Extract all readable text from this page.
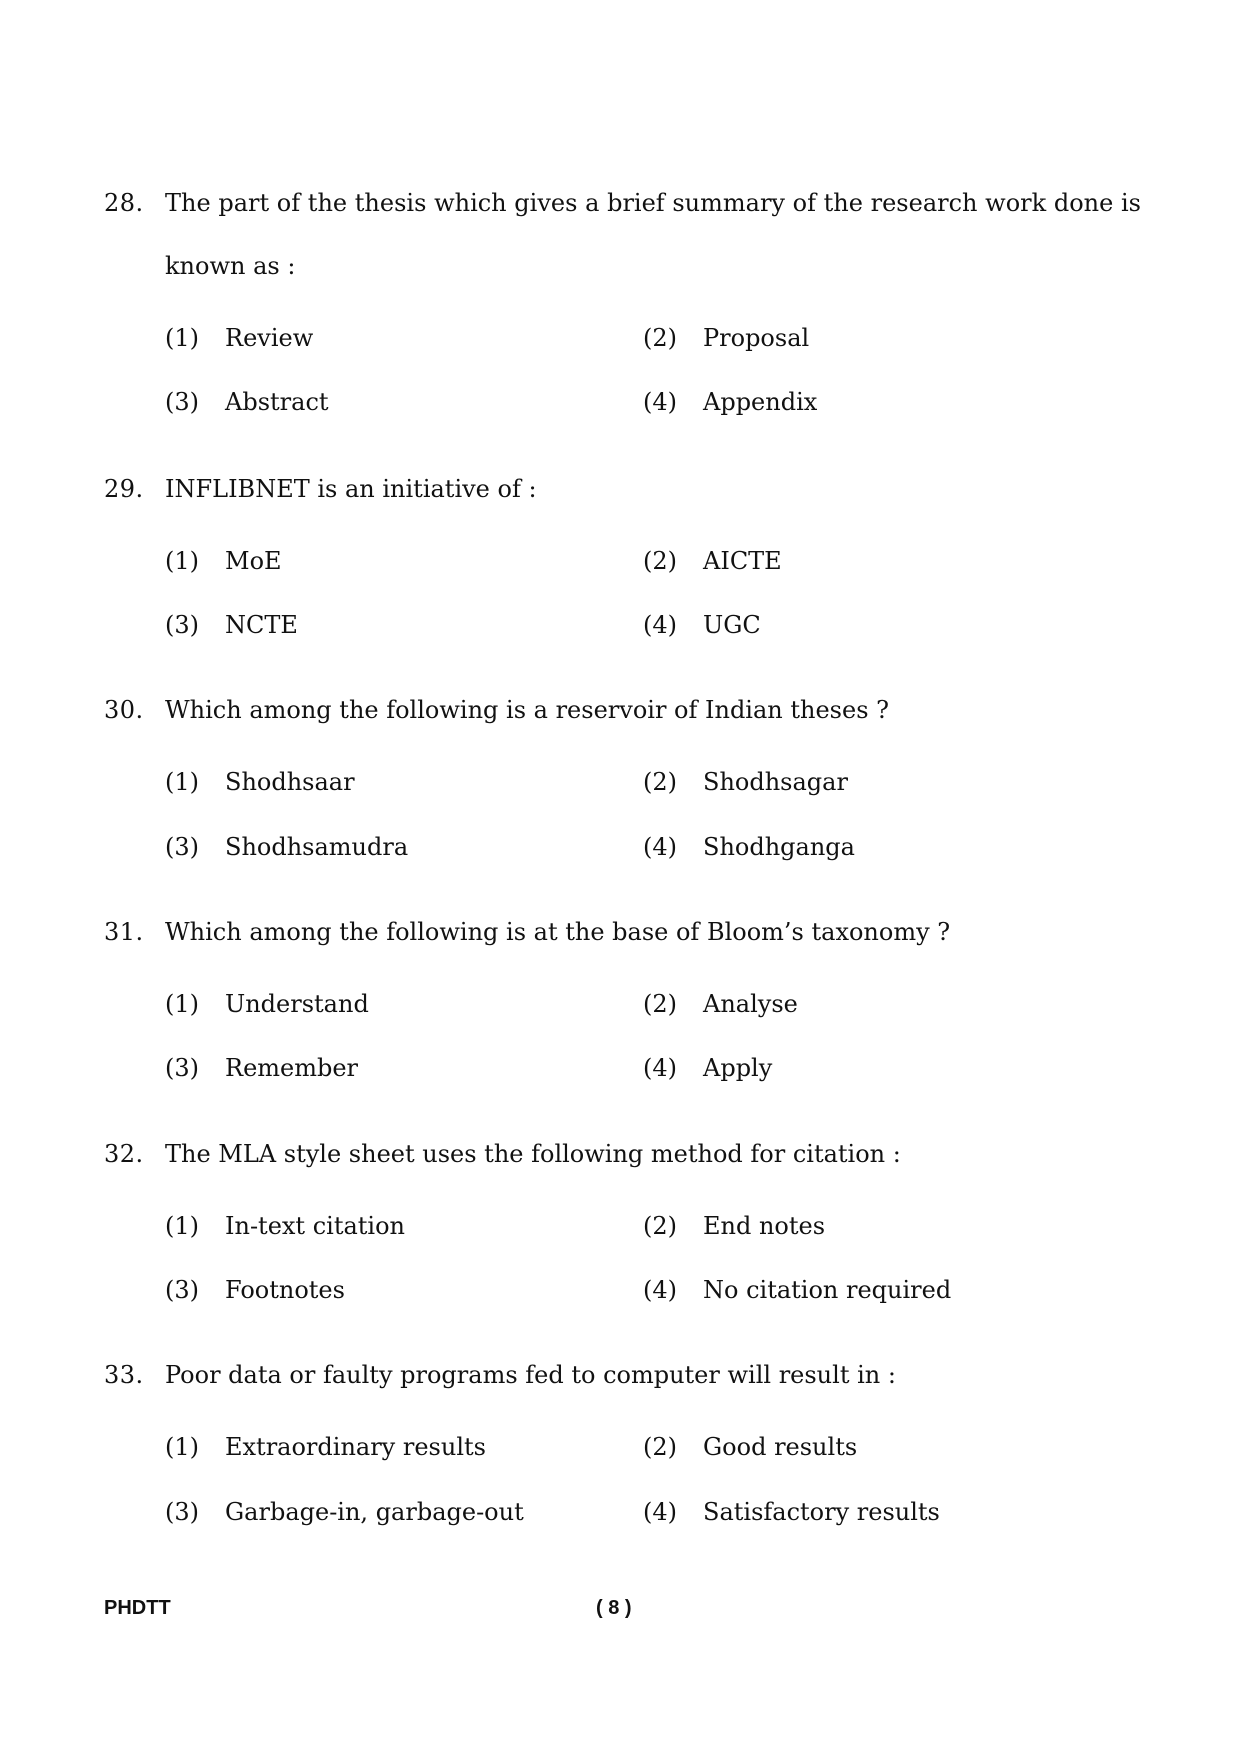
28. The part of the thesis which gives a brief summary of the research work done is
known as :
(1) Review	(2) Proposal
(3) Abstract	(4) Appendix
29. INFLIBNET is an initiative of :
(1) MoE	(2) AICTE
(3) NCTE	(4) UGC
30. Which among the following is a reservoir of Indian theses ?
(1) Shodhsaar	(2) Shodhsagar
(3) Shodhsamudra	(4) Shodhganga
31. Which among the following is at the base of Bloom’s taxonomy ?
(1) Understand	(2) Analyse
(3) Remember	(4) Apply
32. The MLA style sheet uses the following method for citation :
(1) In-text citation	(2) End notes
(3) Footnotes	(4) No citation required
33. Poor data or faulty programs fed to computer will result in :
(1) Extraordinary results	(2) Good results
(3) Garbage-in, garbage-out	(4) Satisfactory results
PHDTT	( 8 )
